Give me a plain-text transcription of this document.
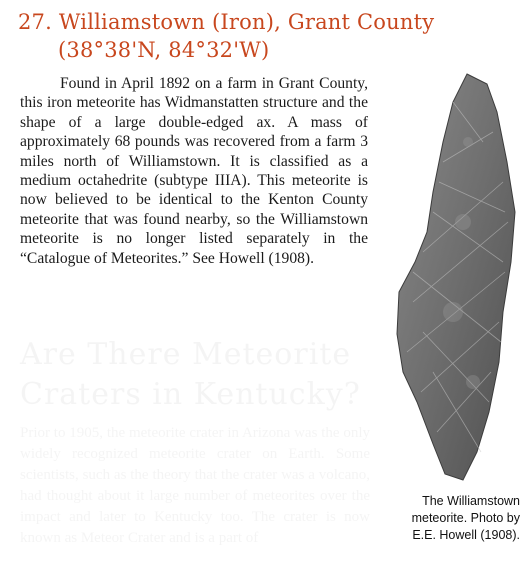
27. Williamstown (Iron), Grant County
(38°38'N, 84°32'W)

Found in April 1892 on a farm in Grant County, this iron meteorite has Widmanstatten structure and the shape of a large double-edged ax. A mass of approximately 68 pounds was recovered from a farm 3 miles north of Williamstown. It is classified as a medium octahedrite (subtype IIIA). This meteorite is now believed to be identical to the Kenton County meteorite that was found nearby, so the Williamstown meteorite is no longer listed separately in the “Catalogue of Meteorites.” See Howell (1908).

Are There Meteorite
Craters in Kentucky?
Prior to 1905, the meteorite crater in Arizona was the only widely recognized meteorite crater on Earth. Some scientists, such as the theory that the crater was a volcano, had thought about it large number of meteorites over the impact and later to Kentucky too. The crater is now known as Meteor Crater and is a part of
The Williamstown
meteorite. Photo by
E.E. Howell (1908).
